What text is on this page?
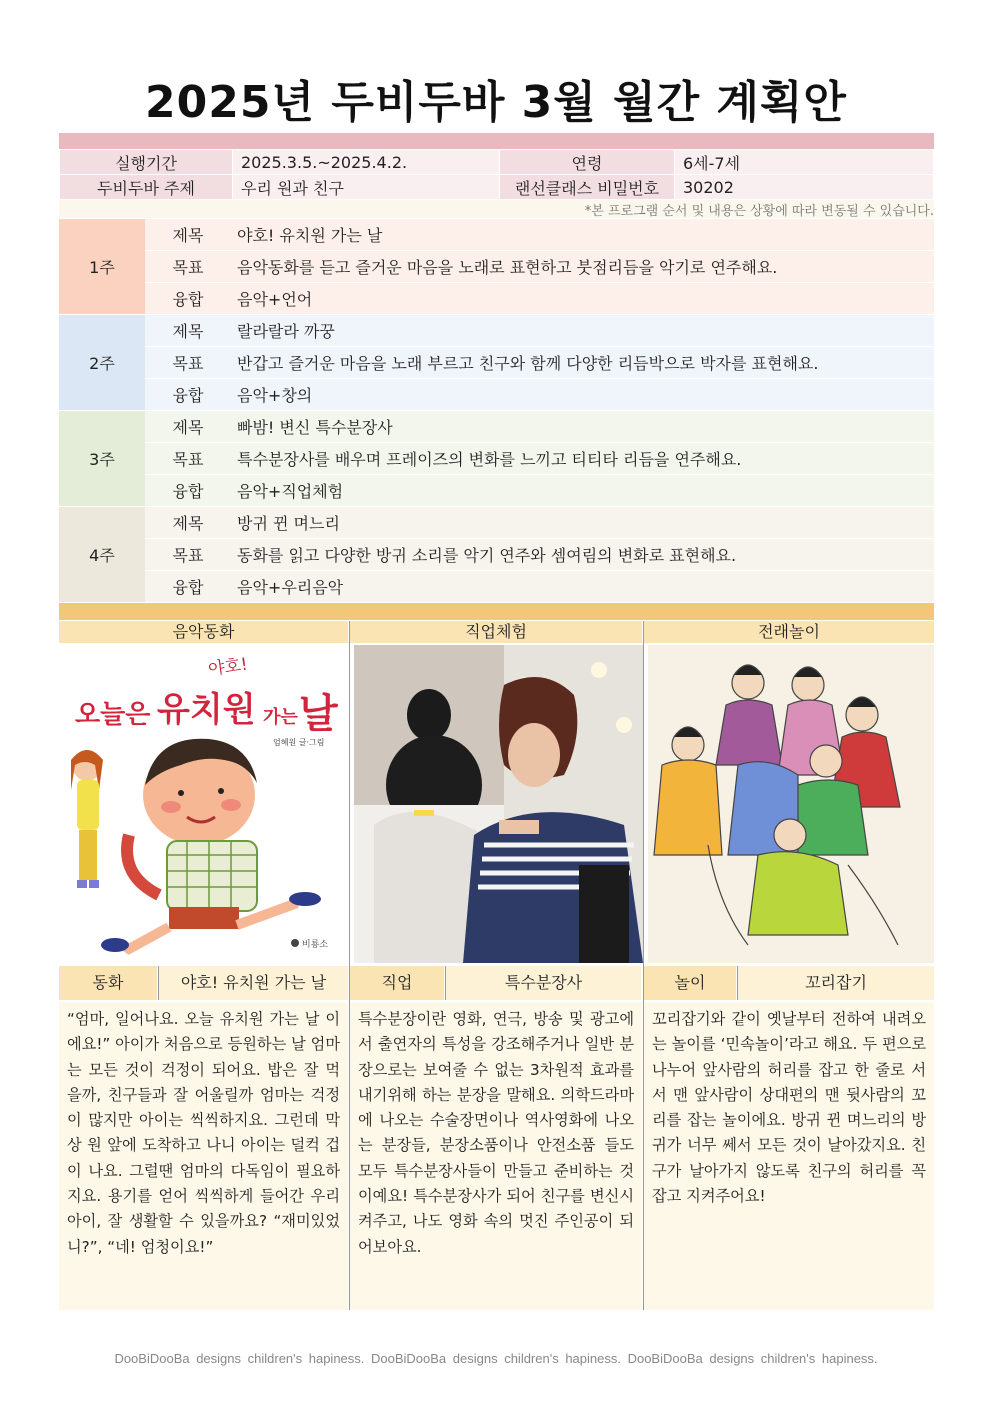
2025년 두비두바 3월 월간 계획안
실행기간	2025.3.5.~2025.4.2.	연령	6세-7세
두비두바 주제	우리 원과 친구	랜선클래스 비밀번호	30202
*본 프로그램 순서 및 내용은 상황에 따라 변동될 수 있습니다.
1주	제목	야호! 유치원 가는 날
	목표	음악동화를 듣고 즐거운 마음을 노래로 표현하고 붓점리듬을 악기로 연주해요.
	융합	음악+언어
2주	제목	랄라랄라 까꿍
	목표	반갑고 즐거운 마음을 노래 부르고 친구와 함께 다양한 리듬박으로 박자를 표현해요.
	융합	음악+창의
3주	제목	빠밤! 변신 특수분장사
	목표	특수분장사를 배우며 프레이즈의 변화를 느끼고 티티타 리듬을 연주해요.
	융합	음악+직업체험
4주	제목	방귀 뀐 며느리
	목표	동화를 읽고 다양한 방귀 소리를 악기 연주와 셈여림의 변화로 표현해요.
	융합	음악+우리음악
음악동화	직업체험	전래놀이
야호!
오늘은 유치원 가는 날
엄혜원 글·그림
비룡소
동화	야호! 유치원 가는 날	직업	특수분장사	놀이	꼬리잡기
“엄마, 일어나요. 오늘 유치원 가는 날 이에요!” 아이가 처음으로 등원하는 날 엄마는 모든 것이 걱정이 되어요. 밥은 잘 먹을까, 친구들과 잘 어울릴까 엄마는 걱정이 많지만 아이는 씩씩하지요. 그런데 막상 원 앞에 도착하고 나니 아이는 덜컥 겁이 나요. 그럴땐 엄마의 다독임이 필요하지요. 용기를 얻어 씩씩하게 들어간 우리 아이, 잘 생활할 수 있을까요? “재미있었니?”, “네! 엄청이요!”
특수분장이란 영화, 연극, 방송 및 광고에서 출연자의 특성을 강조해주거나 일반 분장으로는 보여줄 수 없는 3차원적 효과를 내기위해 하는 분장을 말해요. 의학드라마에 나오는 수술장면이나 역사영화에 나오는 분장들, 분장소품이나 안전소품 들도 모두 특수분장사들이 만들고 준비하는 것이예요! 특수분장사가 되어 친구를 변신시켜주고, 나도 영화 속의 멋진 주인공이 되어보아요.
꼬리잡기와 같이 옛날부터 전하여 내려오는 놀이를 ‘민속놀이’라고 해요. 두 편으로 나누어 앞사람의 허리를 잡고 한 줄로 서서 맨 앞사람이 상대편의 맨 뒷사람의 꼬리를 잡는 놀이에요. 방귀 뀐 며느리의 방귀가 너무 쎄서 모든 것이 날아갔지요. 친구가 날아가지 않도록 친구의 허리를 꼭 잡고 지켜주어요!
DooBiDooBa designs children's hapiness. DooBiDooBa designs children's hapiness. DooBiDooBa designs children's hapiness.
